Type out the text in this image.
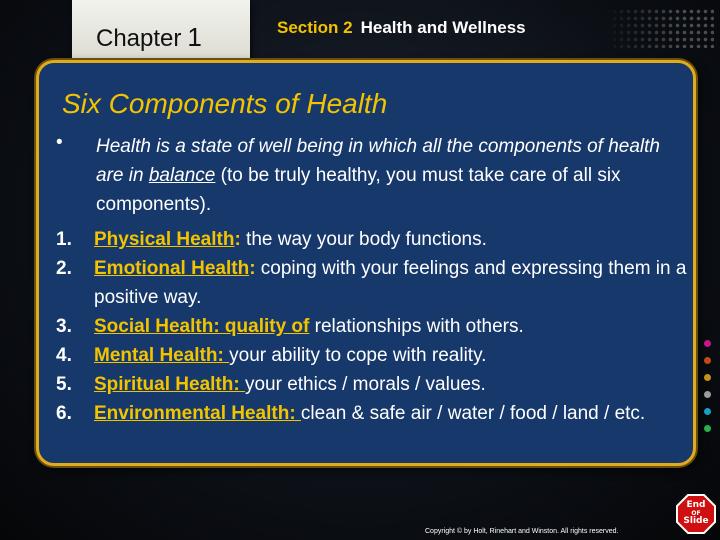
Chapter 1	Section 2 Health and Wellness
Six Components of Health
• Health is a state of well being in which all the components of health are in balance (to be truly healthy, you must take care of all six components).
1. Physical Health: the way your body functions.
2. Emotional Health: coping with your feelings and expressing them in a positive way.
3. Social Health: quality of relationships with others.
4. Mental Health: your ability to cope with reality.
5. Spiritual Health: your ethics / morals / values.
6. Environmental Health: clean & safe air / water / food / land / etc.
Copyright © by Holt, Rinehart and Winston. All rights reserved.
End
OF
Slide
